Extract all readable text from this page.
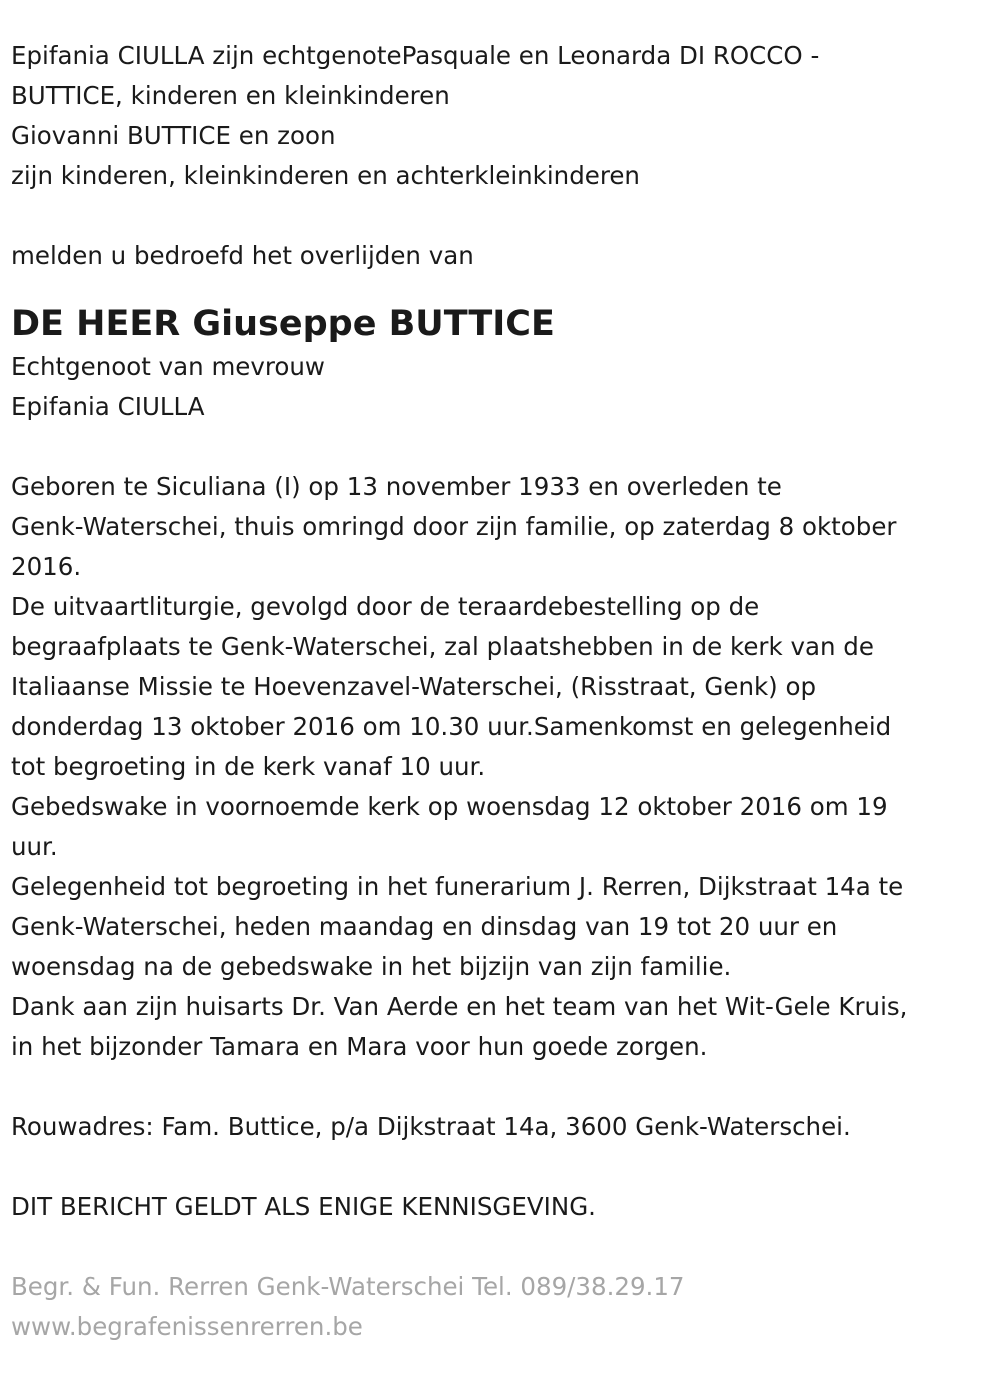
Epifania CIULLA zijn echtgenotePasquale en Leonarda DI ROCCO -

BUTTICE, kinderen en kleinkinderen

Giovanni BUTTICE en zoon

zijn kinderen, kleinkinderen en achterkleinkinderen

melden u bedroefd het overlijden van

DE HEER Giuseppe BUTTICE

Echtgenoot van mevrouw

Epifania CIULLA

Geboren te Siculiana (I) op 13 november 1933 en overleden te

Genk-Waterschei, thuis omringd door zijn familie, op zaterdag 8 oktober

2016.

De uitvaartliturgie, gevolgd door de teraardebestelling op de

begraafplaats te Genk-Waterschei, zal plaatshebben in de kerk van de

Italiaanse Missie te Hoevenzavel-Waterschei, (Risstraat, Genk) op

donderdag 13 oktober 2016 om 10.30 uur.Samenkomst en gelegenheid

tot begroeting in de kerk vanaf 10 uur.

Gebedswake in voornoemde kerk op woensdag 12 oktober 2016 om 19

uur.

Gelegenheid tot begroeting in het funerarium J. Rerren, Dijkstraat 14a te

Genk-Waterschei, heden maandag en dinsdag van 19 tot 20 uur en

woensdag na de gebedswake in het bijzijn van zijn familie.

Dank aan zijn huisarts Dr. Van Aerde en het team van het Wit-Gele Kruis,

in het bijzonder Tamara en Mara voor hun goede zorgen.

Rouwadres: Fam. Buttice, p/a Dijkstraat 14a, 3600 Genk-Waterschei.

DIT BERICHT GELDT ALS ENIGE KENNISGEVING.

Begr. & Fun. Rerren Genk-Waterschei Tel. 089/38.29.17

www.begrafenissenrerren.be
